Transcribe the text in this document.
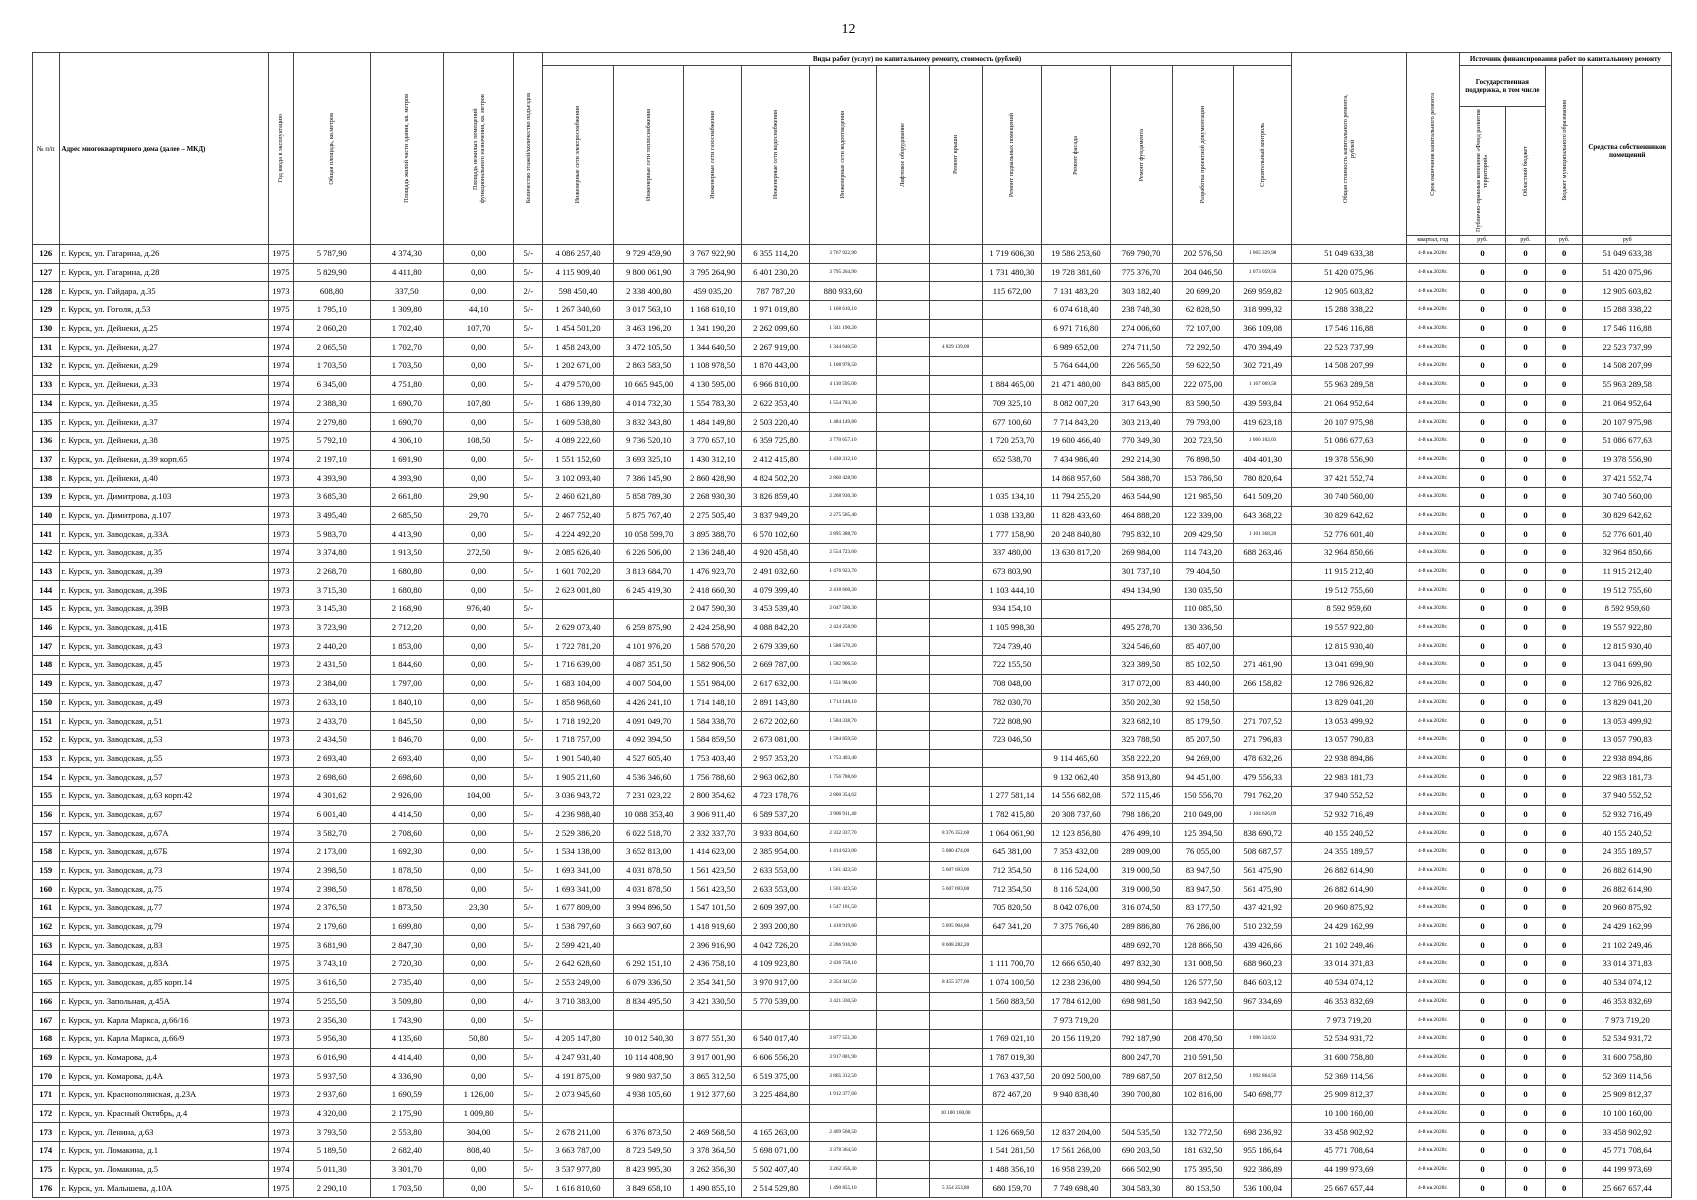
12
№ п/п	Адрес многоквартирного дома (далее – МКД)	Год ввода в эксплуатацию	Общая площадь, кв.метров	Площадь жилой части здания, кв. метров	Площадь нежилых помещений функционального назначения, кв. метров	Количество этажей/количество подъездов	Виды работ (услуг) по капитальному ремонту, стоимость (рублей)												Общая стоимость капитального ремонта, рублей	Срок окончания капитального ремонта	Источник финансирования работ по капитальному ремонту			

							Инженерные сети электроснабжения	Инженерные сети теплоснабжения	Инженерные сети газоснабжения	Инженерные сети водоснабжения	Инженерные сети водоотведения	Лифтовое оборудование	Ремонт крыши	Ремонт подвальных помещений	Ремонт фасада	Ремонт фундамента	Разработка проектной документации	Строительный контроль			Государственная поддержка, в том числе		Бюджет муниципального образования	Средства собственников помещений

																					Публично-правовая компания «Фонд развития территорий»	Областной бюджет		

																				квартал, год	руб.	руб.	руб.	руб
126	г. Курск, ул. Гагарина, д.26	1975	5 787,90	4 374,30	0,00	5/-	4 086 257,40	9 729 459,90	3 767 922,90	6 355 114,20	3 767 922,90			1 719 606,30	19 586 253,60	769 790,70	202 576,50	1 065 329,98	51 049 633,38	4-й кв.2028г.	0	0	0	51 049 633,38
127	г. Курск, ул. Гагарина, д.28	1975	5 829,90	4 411,80	0,00	5/-	4 115 909,40	9 800 061,90	3 795 264,90	6 401 230,20	3 795 264,90			1 731 480,30	19 728 381,60	775 376,70	204 046,50	1 073 059,56	51 420 075,96	4-й кв.2028г.	0	0	0	51 420 075,96
128	г. Курск, ул. Гайдара, д.35	1973	608,80	337,50	0,00	2/-	598 450,40	2 338 400,80	459 035,20	787 787,20	880 933,60			115 672,00	7 131 483,20	303 182,40	20 699,20	269 959,82	12 905 603,82	4-й кв.2028г.	0	0	0	12 905 603,82
129	г. Курск, ул. Гоголя, д.53	1975	1 795,10	1 309,80	44,10	5/-	1 267 340,60	3 017 563,10	1 168 610,10	1 971 019,80	1 168 610,10				6 074 618,40	238 748,30	62 828,50	318 999,32	15 288 338,22	4-й кв.2028г.	0	0	0	15 288 338,22
130	г. Курск, ул. Дейнеки, д.25	1974	2 060,20	1 702,40	107,70	5/-	1 454 501,20	3 463 196,20	1 341 190,20	2 262 099,60	1 341 190,20				6 971 716,80	274 006,60	72 107,00	366 109,08	17 546 116,88	4-й кв.2028г.	0	0	0	17 546 116,88
131	г. Курск, ул. Дейнеки, д.27	1974	2 065,50	1 702,70	0,00	5/-	1 458 243,00	3 472 105,50	1 344 640,50	2 267 919,00	1 344 640,50		4 829 139,00		6 989 652,00	274 711,50	72 292,50	470 394,49	22 523 737,99	4-й кв.2028г.	0	0	0	22 523 737,99
132	г. Курск, ул. Дейнеки, д.29	1974	1 703,50	1 703,50	0,00	5/-	1 202 671,00	2 863 583,50	1 108 978,50	1 870 443,00	1 108 978,50				5 764 644,00	226 565,50	59 622,50	302 721,49	14 508 207,99	4-й кв.2028г.	0	0	0	14 508 207,99
133	г. Курск, ул. Дейнеки, д.33	1974	6 345,00	4 751,80	0,00	5/-	4 479 570,00	10 665 945,00	4 130 595,00	6 966 810,00	4 130 595,00			1 884 465,00	21 471 480,00	843 885,00	222 075,00	1 167 069,58	55 963 289,58	4-й кв.2028г.	0	0	0	55 963 289,58
134	г. Курск, ул. Дейнеки, д.35	1974	2 388,30	1 690,70	107,80	5/-	1 686 139,80	4 014 732,30	1 554 783,30	2 622 353,40	1 554 783,30			709 325,10	8 082 007,20	317 643,90	83 590,50	439 593,84	21 064 952,64	4-й кв.2028г.	0	0	0	21 064 952,64
135	г. Курск, ул. Дейнеки, д.37	1974	2 279,80	1 690,70	0,00	5/-	1 609 538,80	3 832 343,80	1 484 149,80	2 503 220,40	1 484 149,80			677 100,60	7 714 843,20	303 213,40	79 793,00	419 623,18	20 107 975,98	4-й кв.2028г.	0	0	0	20 107 975,98
136	г. Курск, ул. Дейнеки, д.38	1975	5 792,10	4 306,10	108,50	5/-	4 089 222,60	9 736 520,10	3 770 657,10	6 359 725,80	3 770 657,10			1 720 253,70	19 600 466,40	770 349,30	202 723,50	1 066 102,03	51 086 677,63	4-й кв.2028г.	0	0	0	51 086 677,63
137	г. Курск, ул. Дейнеки, д.39 корп.65	1974	2 197,10	1 691,90	0,00	5/-	1 551 152,60	3 693 325,10	1 430 312,10	2 412 415,80	1 430 312,10			652 538,70	7 434 986,40	292 214,30	76 898,50	404 401,30	19 378 556,90	4-й кв.2028г.	0	0	0	19 378 556,90
138	г. Курск, ул. Дейнеки, д.40	1973	4 393,90	4 393,90	0,00	5/-	3 102 093,40	7 386 145,90	2 860 428,90	4 824 502,20	2 860 428,90				14 868 957,60	584 388,70	153 786,50	780 820,64	37 421 552,74	4-й кв.2028г.	0	0	0	37 421 552,74
139	г. Курск, ул. Димитрова, д.103	1973	3 685,30	2 661,80	29,90	5/-	2 460 621,80	5 858 789,30	2 268 930,30	3 826 859,40	2 268 930,30			1 035 134,10	11 794 255,20	463 544,90	121 985,50	641 509,20	30 740 560,00	4-й кв.2028г.	0	0	0	30 740 560,00
140	г. Курск, ул. Димитрова, д.107	1973	3 495,40	2 685,50	29,70	5/-	2 467 752,40	5 875 767,40	2 275 505,40	3 837 949,20	2 275 505,40			1 038 133,80	11 828 433,60	464 888,20	122 339,00	643 368,22	30 829 642,62	4-й кв.2028г.	0	0	0	30 829 642,62
141	г. Курск, ул. Заводская, д.33А	1973	5 983,70	4 413,90	0,00	5/-	4 224 492,20	10 058 599,70	3 895 388,70	6 570 102,60	3 895 388,70			1 777 158,90	20 248 840,80	795 832,10	209 429,50	1 101 368,20	52 776 601,40	4-й кв.2028г.	0	0	0	52 776 601,40
142	г. Курск, ул. Заводская, д.35	1974	3 374,80	1 913,50	272,50	9/-	2 085 626,40	6 226 506,00	2 136 248,40	4 920 458,40	2 554 723,60			337 480,00	13 630 817,20	269 984,00	114 743,20	688 263,46	32 964 850,66	4-й кв.2028г.	0	0	0	32 964 850,66
143	г. Курск, ул. Заводская, д.39	1973	2 268,70	1 680,80	0,00	5/-	1 601 702,20	3 813 684,70	1 476 923,70	2 491 032,60	1 476 923,70			673 803,90		301 737,10	79 404,50		11 915 212,40	4-й кв.2028г.	0	0	0	11 915 212,40
144	г. Курск, ул. Заводская, д.39Б	1973	3 715,30	1 680,80	0,00	5/-	2 623 001,80	6 245 419,30	2 418 660,30	4 079 399,40	2 418 660,30			1 103 444,10		494 134,90	130 035,50		19 512 755,60	4-й кв.2028г.	0	0	0	19 512 755,60
145	г. Курск, ул. Заводская, д.39В	1973	3 145,30	2 168,90	976,40	5/-			2 047 590,30	3 453 539,40	2 047 590,30			934 154,10			110 085,50		8 592 959,60	4-й кв.2028г.	0	0	0	8 592 959,60
146	г. Курск, ул. Заводская, д.41Б	1973	3 723,90	2 712,20	0,00	5/-	2 629 073,40	6 259 875,90	2 424 258,90	4 088 842,20	2 424 258,90			1 105 998,30		495 278,70	130 336,50		19 557 922,80	4-й кв.2028г.	0	0	0	19 557 922,80
147	г. Курск, ул. Заводская, д.43	1973	2 440,20	1 853,00	0,00	5/-	1 722 781,20	4 101 976,20	1 588 570,20	2 679 339,60	1 588 570,20			724 739,40		324 546,60	85 407,00		12 815 930,40	4-й кв.2028г.	0	0	0	12 815 930,40
148	г. Курск, ул. Заводская, д.45	1973	2 431,50	1 844,60	0,00	5/-	1 716 639,00	4 087 351,50	1 582 906,50	2 669 787,00	1 582 906,50			722 155,50		323 389,50	85 102,50	271 461,90	13 041 699,90	4-й кв.2028г.	0	0	0	13 041 699,90
149	г. Курск, ул. Заводская, д.47	1973	2 384,00	1 797,00	0,00	5/-	1 683 104,00	4 007 504,00	1 551 984,00	2 617 632,00	1 551 984,00			708 048,00		317 072,00	83 440,00	266 158,82	12 786 926,82	4-й кв.2028г.	0	0	0	12 786 926,82
150	г. Курск, ул. Заводская, д.49	1973	2 633,10	1 840,10	0,00	5/-	1 858 968,60	4 426 241,10	1 714 148,10	2 891 143,80	1 714 148,10			782 030,70		350 202,30	92 158,50		13 829 041,20	4-й кв.2028г.	0	0	0	13 829 041,20
151	г. Курск, ул. Заводская, д.51	1973	2 433,70	1 845,50	0,00	5/-	1 718 192,20	4 091 049,70	1 584 338,70	2 672 202,60	1 584 338,70			722 808,90		323 682,10	85 179,50	271 707,52	13 053 499,92	4-й кв.2028г.	0	0	0	13 053 499,92
152	г. Курск, ул. Заводская, д.53	1973	2 434,50	1 846,70	0,00	5/-	1 718 757,00	4 092 394,50	1 584 859,50	2 673 081,00	1 584 859,50			723 046,50		323 788,50	85 207,50	271 796,83	13 057 790,83	4-й кв.2028г.	0	0	0	13 057 790,83
153	г. Курск, ул. Заводская, д.55	1973	2 693,40	2 693,40	0,00	5/-	1 901 540,40	4 527 605,40	1 753 403,40	2 957 353,20	1 753 403,40				9 114 465,60	358 222,20	94 269,00	478 632,26	22 938 894,86	4-й кв.2028г.	0	0	0	22 938 894,86
154	г. Курск, ул. Заводская, д.57	1973	2 698,60	2 698,60	0,00	5/-	1 905 211,60	4 536 346,60	1 756 788,60	2 963 062,80	1 756 788,60				9 132 062,40	358 913,80	94 451,00	479 556,33	22 983 181,73	4-й кв.2028г.	0	0	0	22 983 181,73
155	г. Курск, ул. Заводская, д.63 корп.42	1974	4 301,62	2 926,00	104,00	5/-	3 036 943,72	7 231 023,22	2 800 354,62	4 723 178,76	2 800 354,62			1 277 581,14	14 556 682,08	572 115,46	150 556,70	791 762,20	37 940 552,52	4-й кв.2028г.	0	0	0	37 940 552,52
156	г. Курск, ул. Заводская, д.67	1974	6 001,40	4 414,50	0,00	5/-	4 236 988,40	10 088 353,40	3 906 911,40	6 589 537,20	3 906 911,40			1 782 415,80	20 308 737,60	798 186,20	210 049,00	1 104 626,09	52 932 716,49	4-й кв.2028г.	0	0	0	52 932 716,49
157	г. Курск, ул. Заводская, д.67А	1974	3 582,70	2 708,60	0,00	5/-	2 529 386,20	6 022 518,70	2 332 337,70	3 933 804,60	2 332 337,70		8 376 352,60	1 064 061,90	12 123 856,80	476 499,10	125 394,50	838 690,72	40 155 240,52	4-й кв.2028г.	0	0	0	40 155 240,52
158	г. Курск, ул. Заводская, д.67Б	1974	2 173,00	1 692,30	0,00	5/-	1 534 138,00	3 652 813,00	1 414 623,00	2 385 954,00	1 414 623,00		5 080 474,00	645 381,00	7 353 432,00	289 009,00	76 055,00	508 687,57	24 355 189,57	4-й кв.2028г.	0	0	0	24 355 189,57
159	г. Курск, ул. Заводская, д.73	1974	2 398,50	1 878,50	0,00	5/-	1 693 341,00	4 031 878,50	1 561 423,50	2 633 553,00	1 561 423,50		5 607 693,00	712 354,50	8 116 524,00	319 000,50	83 947,50	561 475,90	26 882 614,90	4-й кв.2028г.	0	0	0	26 882 614,90
160	г. Курск, ул. Заводская, д.75	1974	2 398,50	1 878,50	0,00	5/-	1 693 341,00	4 031 878,50	1 561 423,50	2 633 553,00	1 561 423,50		5 607 693,00	712 354,50	8 116 524,00	319 000,50	83 947,50	561 475,90	26 882 614,90	4-й кв.2028г.	0	0	0	26 882 614,90
161	г. Курск, ул. Заводская, д.77	1974	2 376,50	1 873,50	23,30	5/-	1 677 809,00	3 994 896,50	1 547 101,50	2 609 397,00	1 547 101,50			705 820,50	8 042 076,00	316 074,50	83 177,50	437 421,92	20 960 875,92	4-й кв.2028г.	0	0	0	20 960 875,92
162	г. Курск, ул. Заводская, д.79	1974	2 179,60	1 699,80	0,00	5/-	1 538 797,60	3 663 907,60	1 418 919,60	2 393 200,80	1 418 919,60		5 095 904,80	647 341,20	7 375 766,40	289 886,80	76 286,00	510 232,59	24 429 162,99	4-й кв.2028г.	0	0	0	24 429 162,99
163	г. Курск, ул. Заводская, д.83	1975	3 681,90	2 847,30	0,00	5/-	2 599 421,40		2 396 916,90	4 042 726,20	2 396 916,90		8 608 282,20			489 692,70	128 866,50	439 426,66	21 102 249,46	4-й кв.2028г.	0	0	0	21 102 249,46
164	г. Курск, ул. Заводская, д.83А	1975	3 743,10	2 720,30	0,00	5/-	2 642 628,60	6 292 151,10	2 436 758,10	4 109 923,80	2 436 758,10			1 111 700,70	12 666 650,40	497 832,30	131 008,50	688 960,23	33 014 371,83	4-й кв.2028г.	0	0	0	33 014 371,83
165	г. Курск, ул. Заводская, д.85 корп.14	1975	3 616,50	2 735,40	0,00	5/-	2 553 249,00	6 079 336,50	2 354 341,50	3 970 917,00	2 354 341,50		8 455 377,00	1 074 100,50	12 238 236,00	480 994,50	126 577,50	846 603,12	40 534 074,12	4-й кв.2028г.	0	0	0	40 534 074,12
166	г. Курск, ул. Запольная, д.45А	1974	5 255,50	3 509,80	0,00	4/-	3 710 383,00	8 834 495,50	3 421 330,50	5 770 539,00	3 421 330,50			1 560 883,50	17 784 612,00	698 981,50	183 942,50	967 334,69	46 353 832,69	4-й кв.2028г.	0	0	0	46 353 832,69
167	г. Курск, ул. Карла Маркса, д.66/16	1973	2 356,30	1 743,90	0,00	5/-									7 973 719,20				7 973 719,20	4-й кв.2028г.	0	0	0	7 973 719,20
168	г. Курск, ул. Карла Маркса, д.66/9	1973	5 956,30	4 135,60	50,80	5/-	4 205 147,80	10 012 540,30	3 877 551,30	6 540 017,40	3 877 551,30			1 769 021,10	20 156 119,20	792 187,90	208 470,50	1 096 324,92	52 534 931,72	4-й кв.2028г.	0	0	0	52 534 931,72
169	г. Курск, ул. Комарова, д.4	1973	6 016,90	4 414,40	0,00	5/-	4 247 931,40	10 114 408,90	3 917 001,90	6 606 556,20	3 917 001,90			1 787 019,30		800 247,70	210 591,50		31 600 758,80	4-й кв.2028г.	0	0	0	31 600 758,80
170	г. Курск, ул. Комарова, д.4А	1973	5 937,50	4 336,90	0,00	5/-	4 191 875,00	9 980 937,50	3 865 312,50	6 519 375,00	3 865 312,50			1 763 437,50	20 092 500,00	789 687,50	207 812,50	1 092 864,56	52 369 114,56	4-й кв.2028г.	0	0	0	52 369 114,56
171	г. Курск, ул. Краснополянская, д.23А	1973	2 937,60	1 690,59	1 126,00	5/-	2 073 945,60	4 938 105,60	1 912 377,60	3 225 484,80	1 912 377,60			872 467,20	9 940 838,40	390 700,80	102 816,00	540 698,77	25 909 812,37	4-й кв.2028г.	0	0	0	25 909 812,37
172	г. Курск, ул. Красный Октябрь, д.4	1973	4 320,00	2 175,90	1 009,80	5/-							10 100 160,00						10 100 160,00	4-й кв.2028г.	0	0	0	10 100 160,00
173	г. Курск, ул. Ленина, д.63	1973	3 793,50	2 553,80	304,00	5/-	2 678 211,00	6 376 873,50	2 469 568,50	4 165 263,00	2 469 568,50			1 126 669,50	12 837 204,00	504 535,50	132 772,50	698 236,92	33 458 902,92	4-й кв.2028г.	0	0	0	33 458 902,92
174	г. Курск, ул. Ломакина, д.1	1974	5 189,50	2 682,40	808,40	5/-	3 663 787,00	8 723 549,50	3 378 364,50	5 698 071,00	3 378 364,50			1 541 281,50	17 561 268,00	690 203,50	181 632,50	955 186,64	45 771 708,64	4-й кв.2028г.	0	0	0	45 771 708,64
175	г. Курск, ул. Ломакина, д.5	1974	5 011,30	3 301,70	0,00	5/-	3 537 977,80	8 423 995,30	3 262 356,30	5 502 407,40	3 262 356,30			1 488 356,10	16 958 239,20	666 502,90	175 395,50	922 386,89	44 199 973,69	4-й кв.2028г.	0	0	0	44 199 973,69
176	г. Курск, ул. Малышева, д.10А	1975	2 290,10	1 703,50	0,00	5/-	1 616 810,60	3 849 658,10	1 490 855,10	2 514 529,80	1 490 855,10		5 354 253,80	680 159,70	7 749 698,40	304 583,30	80 153,50	536 100,04	25 667 657,44	4-й кв.2028г.	0	0	0	25 667 657,44
